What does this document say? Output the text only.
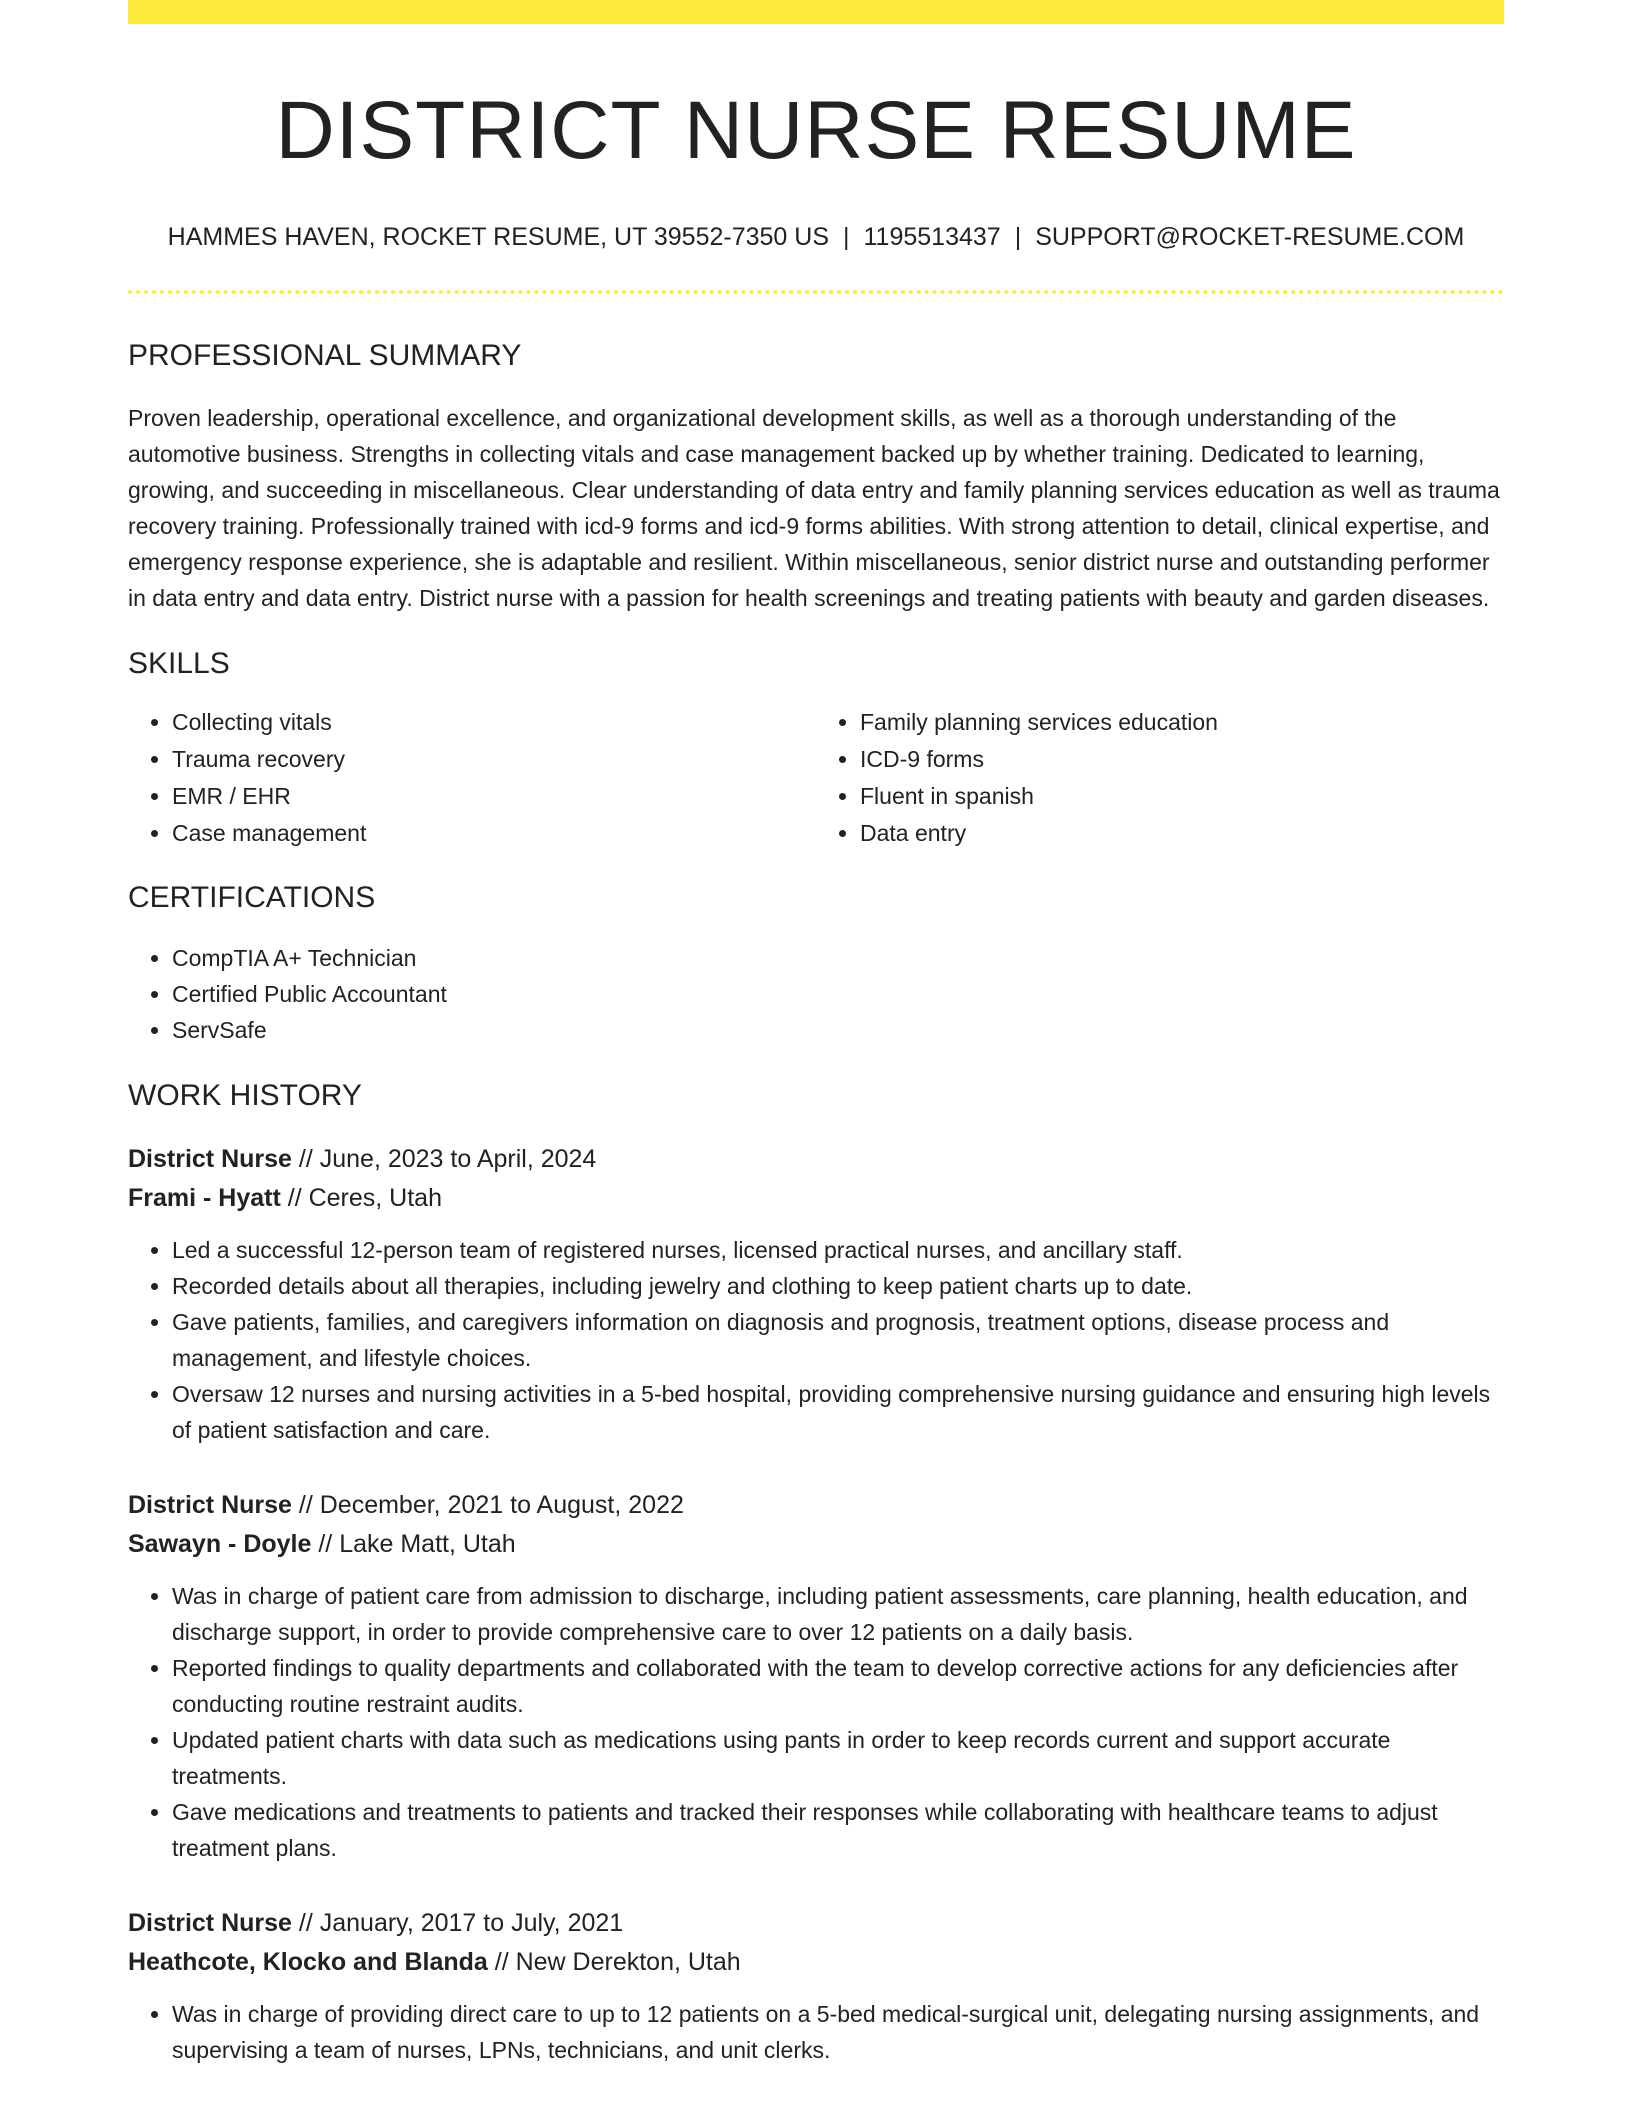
DISTRICT NURSE RESUME
HAMMES HAVEN, ROCKET RESUME, UT 39552-7350 US | 1195513437 | SUPPORT@ROCKET-RESUME.COM
PROFESSIONAL SUMMARY

Proven leadership, operational excellence, and organizational development skills, as well as a thorough understanding of the automotive business. Strengths in collecting vitals and case management backed up by whether training. Dedicated to learning, growing, and succeeding in miscellaneous. Clear understanding of data entry and family planning services education as well as trauma recovery training. Professionally trained with icd-9 forms and icd-9 forms abilities. With strong attention to detail, clinical expertise, and emergency response experience, she is adaptable and resilient. Within miscellaneous, senior district nurse and outstanding performer in data entry and data entry. District nurse with a passion for health screenings and treating patients with beauty and garden diseases.

SKILLS
• Collecting vitals
• Trauma recovery
• EMR / EHR
• Case management
• Family planning services education
• ICD-9 forms
• Fluent in spanish
• Data entry
CERTIFICATIONS
• CompTIA A+ Technician
• Certified Public Accountant
• ServSafe
WORK HISTORY
District Nurse // June, 2023 to April, 2024
Frami - Hyatt // Ceres, Utah
• Led a successful 12-person team of registered nurses, licensed practical nurses, and ancillary staff.
• Recorded details about all therapies, including jewelry and clothing to keep patient charts up to date.
• Gave patients, families, and caregivers information on diagnosis and prognosis, treatment options, disease process and management, and lifestyle choices.
• Oversaw 12 nurses and nursing activities in a 5-bed hospital, providing comprehensive nursing guidance and ensuring high levels of patient satisfaction and care.
District Nurse // December, 2021 to August, 2022
Sawayn - Doyle // Lake Matt, Utah
• Was in charge of patient care from admission to discharge, including patient assessments, care planning, health education, and discharge support, in order to provide comprehensive care to over 12 patients on a daily basis.
• Reported findings to quality departments and collaborated with the team to develop corrective actions for any deficiencies after conducting routine restraint audits.
• Updated patient charts with data such as medications using pants in order to keep records current and support accurate treatments.
• Gave medications and treatments to patients and tracked their responses while collaborating with healthcare teams to adjust treatment plans.
District Nurse // January, 2017 to July, 2021
Heathcote, Klocko and Blanda // New Derekton, Utah
• Was in charge of providing direct care to up to 12 patients on a 5-bed medical-surgical unit, delegating nursing assignments, and supervising a team of nurses, LPNs, technicians, and unit clerks.
